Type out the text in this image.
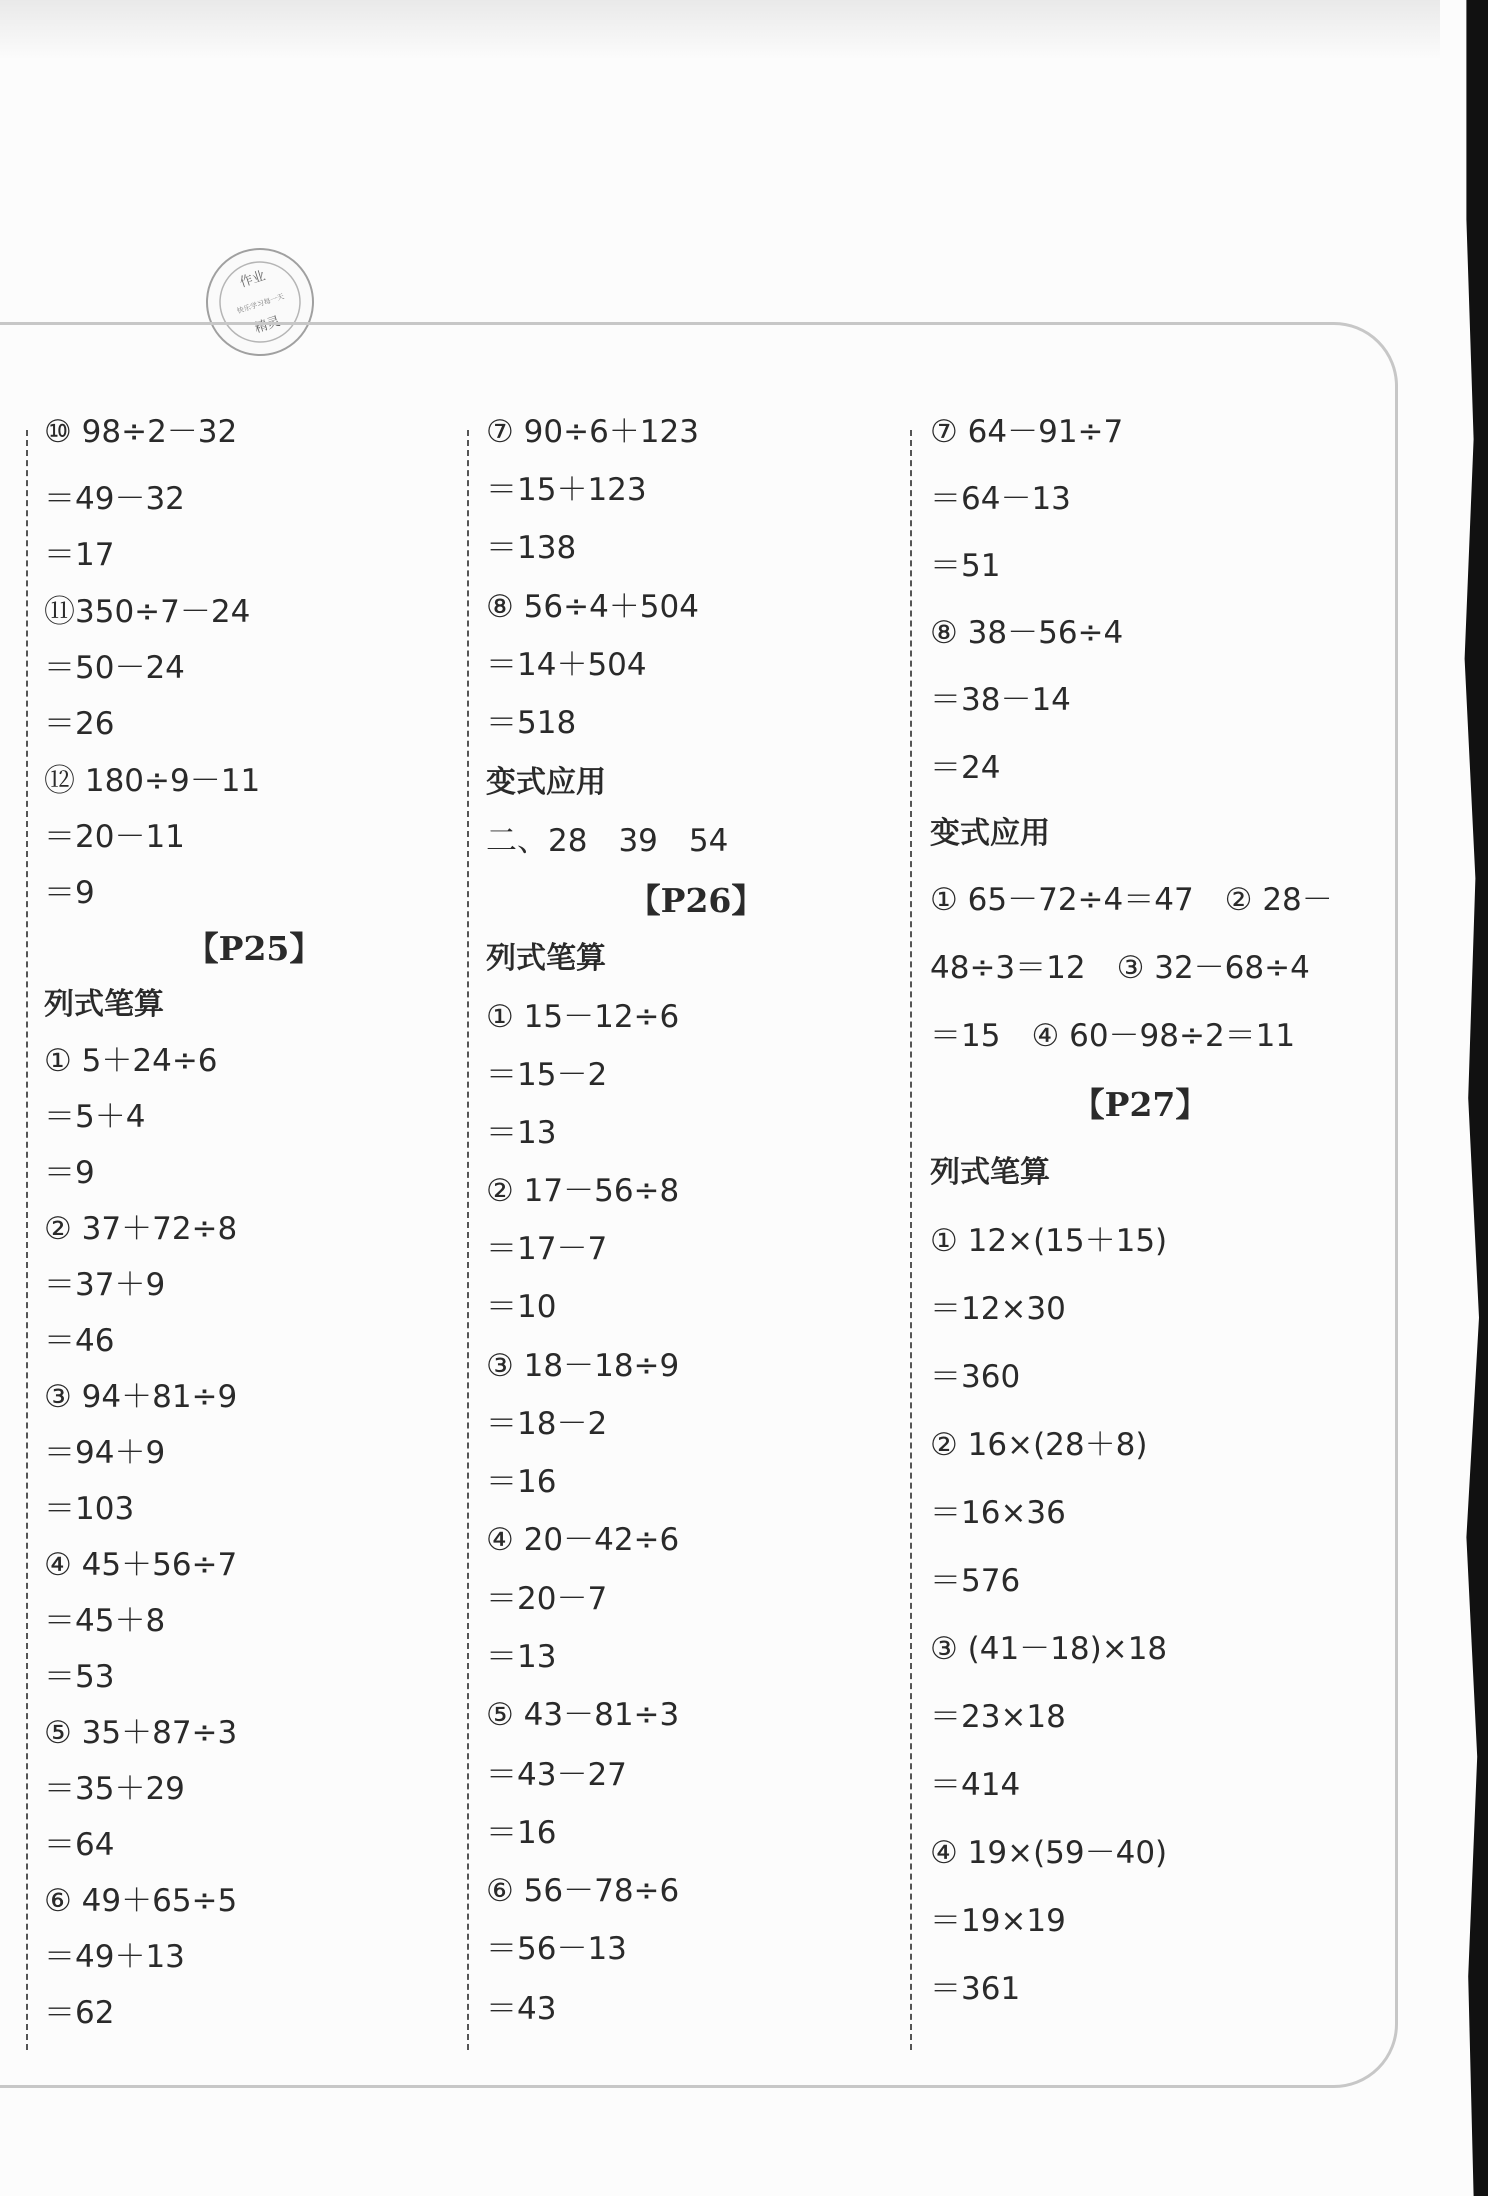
作业
快乐学习每一天
精灵
⑩ 98÷2－32
＝49－32
＝17
⑪350÷7－24
＝50－24
＝26
⑫ 180÷9－11
＝20－11
＝9
【P25】
列式笔算
① 5＋24÷6
＝5＋4
＝9
② 37＋72÷8
＝37＋9
＝46
③ 94＋81÷9
＝94＋9
＝103
④ 45＋56÷7
＝45＋8
＝53
⑤ 35＋87÷3
＝35＋29
＝64
⑥ 49＋65÷5
＝49＋13
＝62
⑦ 90÷6＋123
＝15＋123
＝138
⑧ 56÷4＋504
＝14＋504
＝518
变式应用
二、28　39　54
【P26】
列式笔算
① 15－12÷6
＝15－2
＝13
② 17－56÷8
＝17－7
＝10
③ 18－18÷9
＝18－2
＝16
④ 20－42÷6
＝20－7
＝13
⑤ 43－81÷3
＝43－27
＝16
⑥ 56－78÷6
＝56－13
＝43
⑦ 64－91÷7
＝64－13
＝51
⑧ 38－56÷4
＝38－14
＝24
变式应用
① 65－72÷4＝47　② 28－
48÷3＝12　③ 32－68÷4
＝15　④ 60－98÷2＝11
【P27】
列式笔算
① 12×(15＋15)
＝12×30
＝360
② 16×(28＋8)
＝16×36
＝576
③ (41－18)×18
＝23×18
＝414
④ 19×(59－40)
＝19×19
＝361
